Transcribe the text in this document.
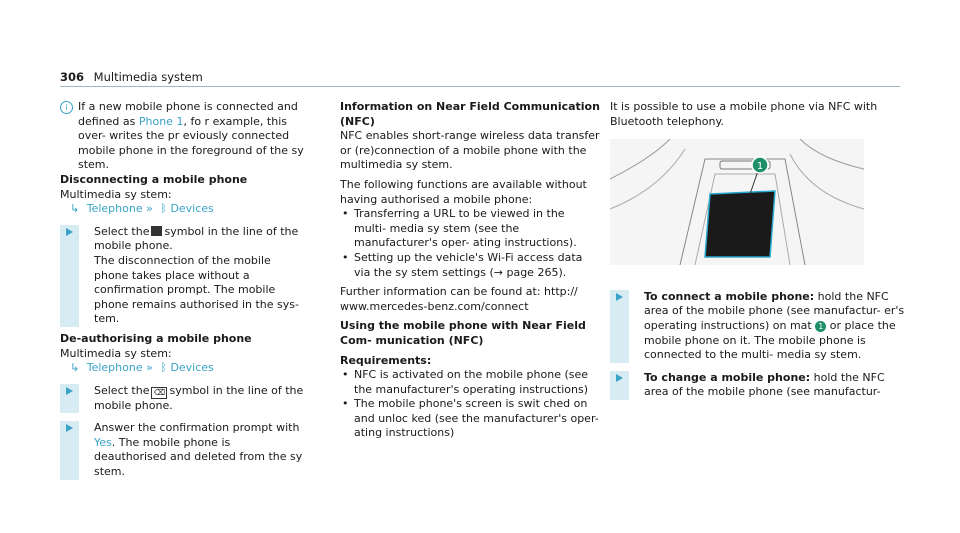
306 Multimedia system

i If a new mobile phone is connected and defined as Phone 1, fo r example, this over- writes the pr eviously connected mobile phone in the foreground of the sy stem.

Disconnecting a mobile phone

Multimedia sy stem:

↳ Telephone » ᛒ Devices

Select the symbol in the line of the mobile phone.

The disconnection of the mobile phone takes place without a confirmation prompt. The mobile phone remains authorised in the sys- tem.

De-authorising a mobile phone

Multimedia sy stem:

↳ Telephone » ᛒ Devices

Select the ⌫ symbol in the line of the mobile phone.

Answer the confirmation prompt with Yes. The mobile phone is deauthorised and deleted from the sy stem.

Information on Near Field Communication (NFC)

NFC enables short-range wireless data transfer or (re)connection of a mobile phone with the multimedia sy stem.

The following functions are available without having authorised a mobile phone:

• Transferring a URL to be viewed in the multi- media sy stem (see the manufacturer's oper- ating instructions).
• Setting up the vehicle's Wi-Fi access data via the sy stem settings (→ page 265).

Further information can be found at: http:// www.mercedes-benz.com/connect

Using the mobile phone with Near Field Com- munication (NFC)

Requirements:

• NFC is activated on the mobile phone (see the manufacturer's operating instructions)
• The mobile phone's screen is swit ched on and unloc ked (see the manufacturer's oper- ating instructions)

It is possible to use a mobile phone via NFC with Bluetooth telephony.

1

To connect a mobile phone: hold the NFC area of the mobile phone (see manufactur- er's operating instructions) on mat 1 or place the mobile phone on it. The mobile phone is connected to the multi- media sy stem.

To change a mobile phone: hold the NFC area of the mobile phone (see manufactur-
